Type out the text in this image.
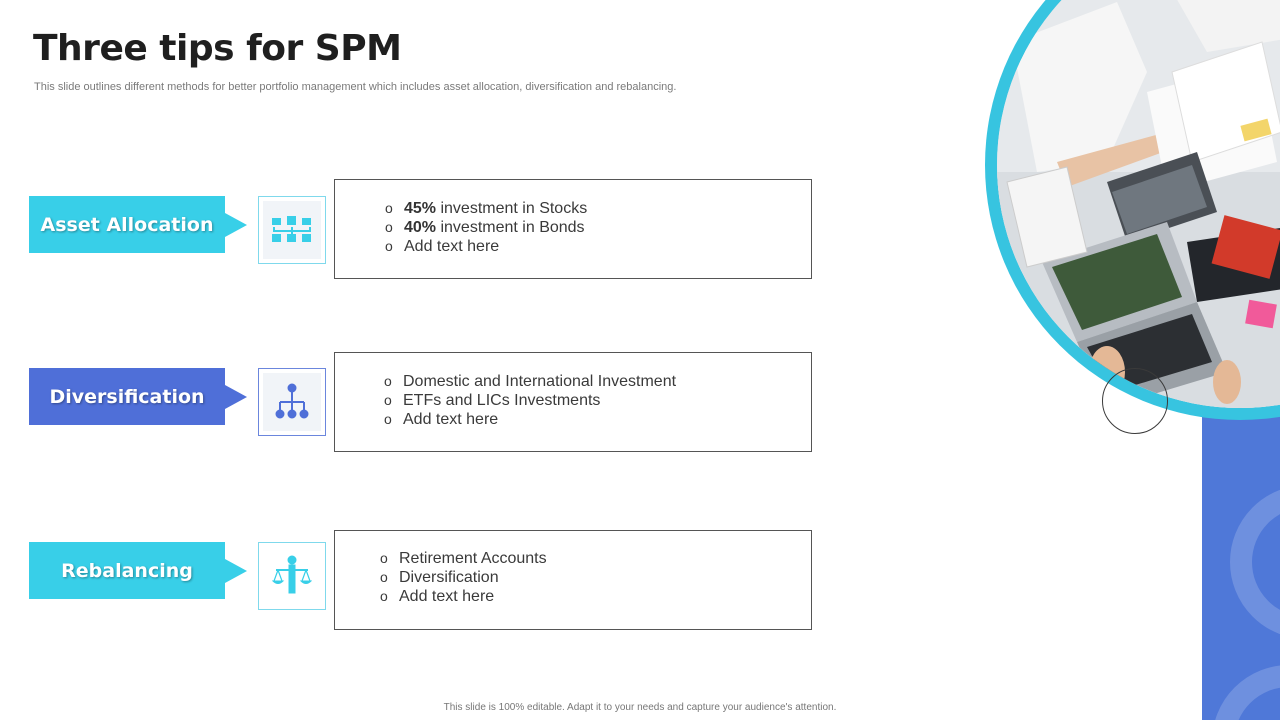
Three tips for SPM
This slide outlines different methods for better portfolio management which includes asset allocation, diversification and rebalancing.
Asset Allocation
o 45% investment in Stocks
o 40% investment in Bonds
o Add text here
Diversification
o Domestic and International Investment
o ETFs and LICs Investments
o Add text here
Rebalancing
o Retirement Accounts
o Diversification
o Add text here
This slide is 100% editable. Adapt it to your needs and capture your audience's attention.
